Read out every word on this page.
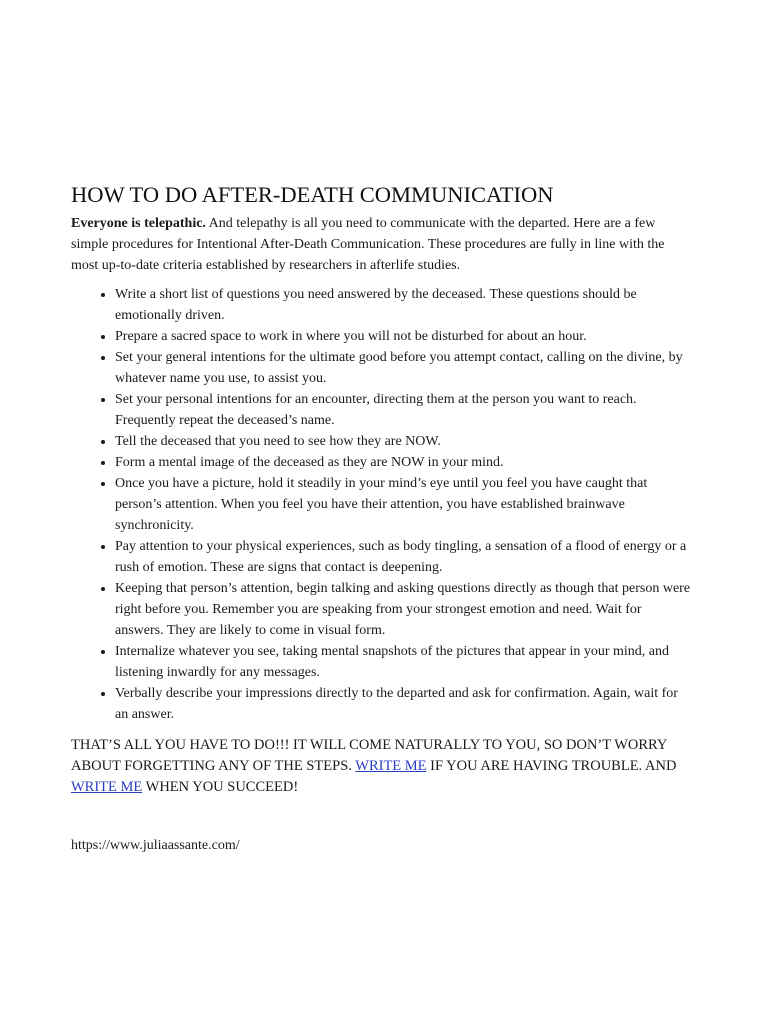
HOW TO DO AFTER-DEATH COMMUNICATION

Everyone is telepathic. And telepathy is all you need to communicate with the departed. Here are a few simple procedures for Intentional After-Death Communication. These procedures are fully in line with the most up-to-date criteria established by researchers in afterlife studies.

• Write a short list of questions you need answered by the deceased. These questions should be emotionally driven.
• Prepare a sacred space to work in where you will not be disturbed for about an hour.
• Set your general intentions for the ultimate good before you attempt contact, calling on the divine, by whatever name you use, to assist you.
• Set your personal intentions for an encounter, directing them at the person you want to reach. Frequently repeat the deceased’s name.
• Tell the deceased that you need to see how they are NOW.
• Form a mental image of the deceased as they are NOW in your mind.
• Once you have a picture, hold it steadily in your mind’s eye until you feel you have caught that person’s attention. When you feel you have their attention, you have established brainwave synchronicity.
• Pay attention to your physical experiences, such as body tingling, a sensation of a flood of energy or a rush of emotion. These are signs that contact is deepening.
• Keeping that person’s attention, begin talking and asking questions directly as though that person were right before you. Remember you are speaking from your strongest emotion and need. Wait for answers. They are likely to come in visual form.
• Internalize whatever you see, taking mental snapshots of the pictures that appear in your mind, and listening inwardly for any messages.
• Verbally describe your impressions directly to the departed and ask for confirmation. Again, wait for an answer.

THAT’S ALL YOU HAVE TO DO!!! IT WILL COME NATURALLY TO YOU, SO DON’T WORRY ABOUT FORGETTING ANY OF THE STEPS. WRITE ME IF YOU ARE HAVING TROUBLE. AND WRITE ME WHEN YOU SUCCEED!

https://www.juliaassante.com/
